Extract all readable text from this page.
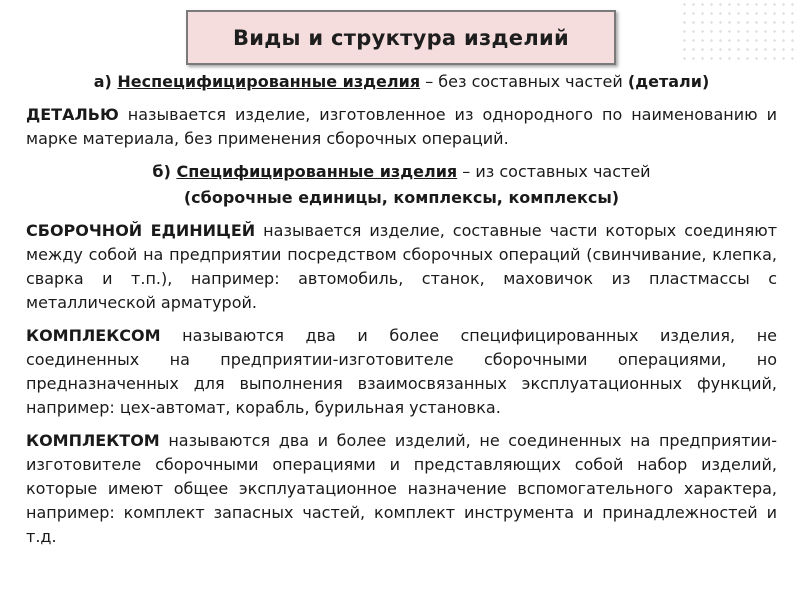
Виды и структура изделий

а) Неспецифицированные изделия – без составных частей (детали)

ДЕТАЛЬЮ называется изделие, изготовленное из однородного по наименованию и марке материала, без применения сборочных операций.

б) Специфицированные изделия – из составных частей

(сборочные единицы, комплексы, комплексы)

СБОРОЧНОЙ ЕДИНИЦЕЙ называется изделие, составные части которых соединяют между собой на предприятии посредством сборочных операций (свинчивание, клепка, сварка и т.п.), например: автомобиль, станок, маховичок из пластмассы с металлической арматурой.

КОМПЛЕКСОМ называются два и более специфицированных изделия, не соединенных на предприятии-изготовителе сборочными операциями, но предназначенных для выполнения взаимосвязанных эксплуатационных функций, например: цех-автомат, корабль, бурильная установка.

КОМПЛЕКТОМ называются два и более изделий, не соединенных на предприятии-изготовителе сборочными операциями и представляющих собой набор изделий, которые имеют общее эксплуатационное назначение вспомогательного характера, например: комплект запасных частей, комплект инструмента и принадлежностей и т.д.
